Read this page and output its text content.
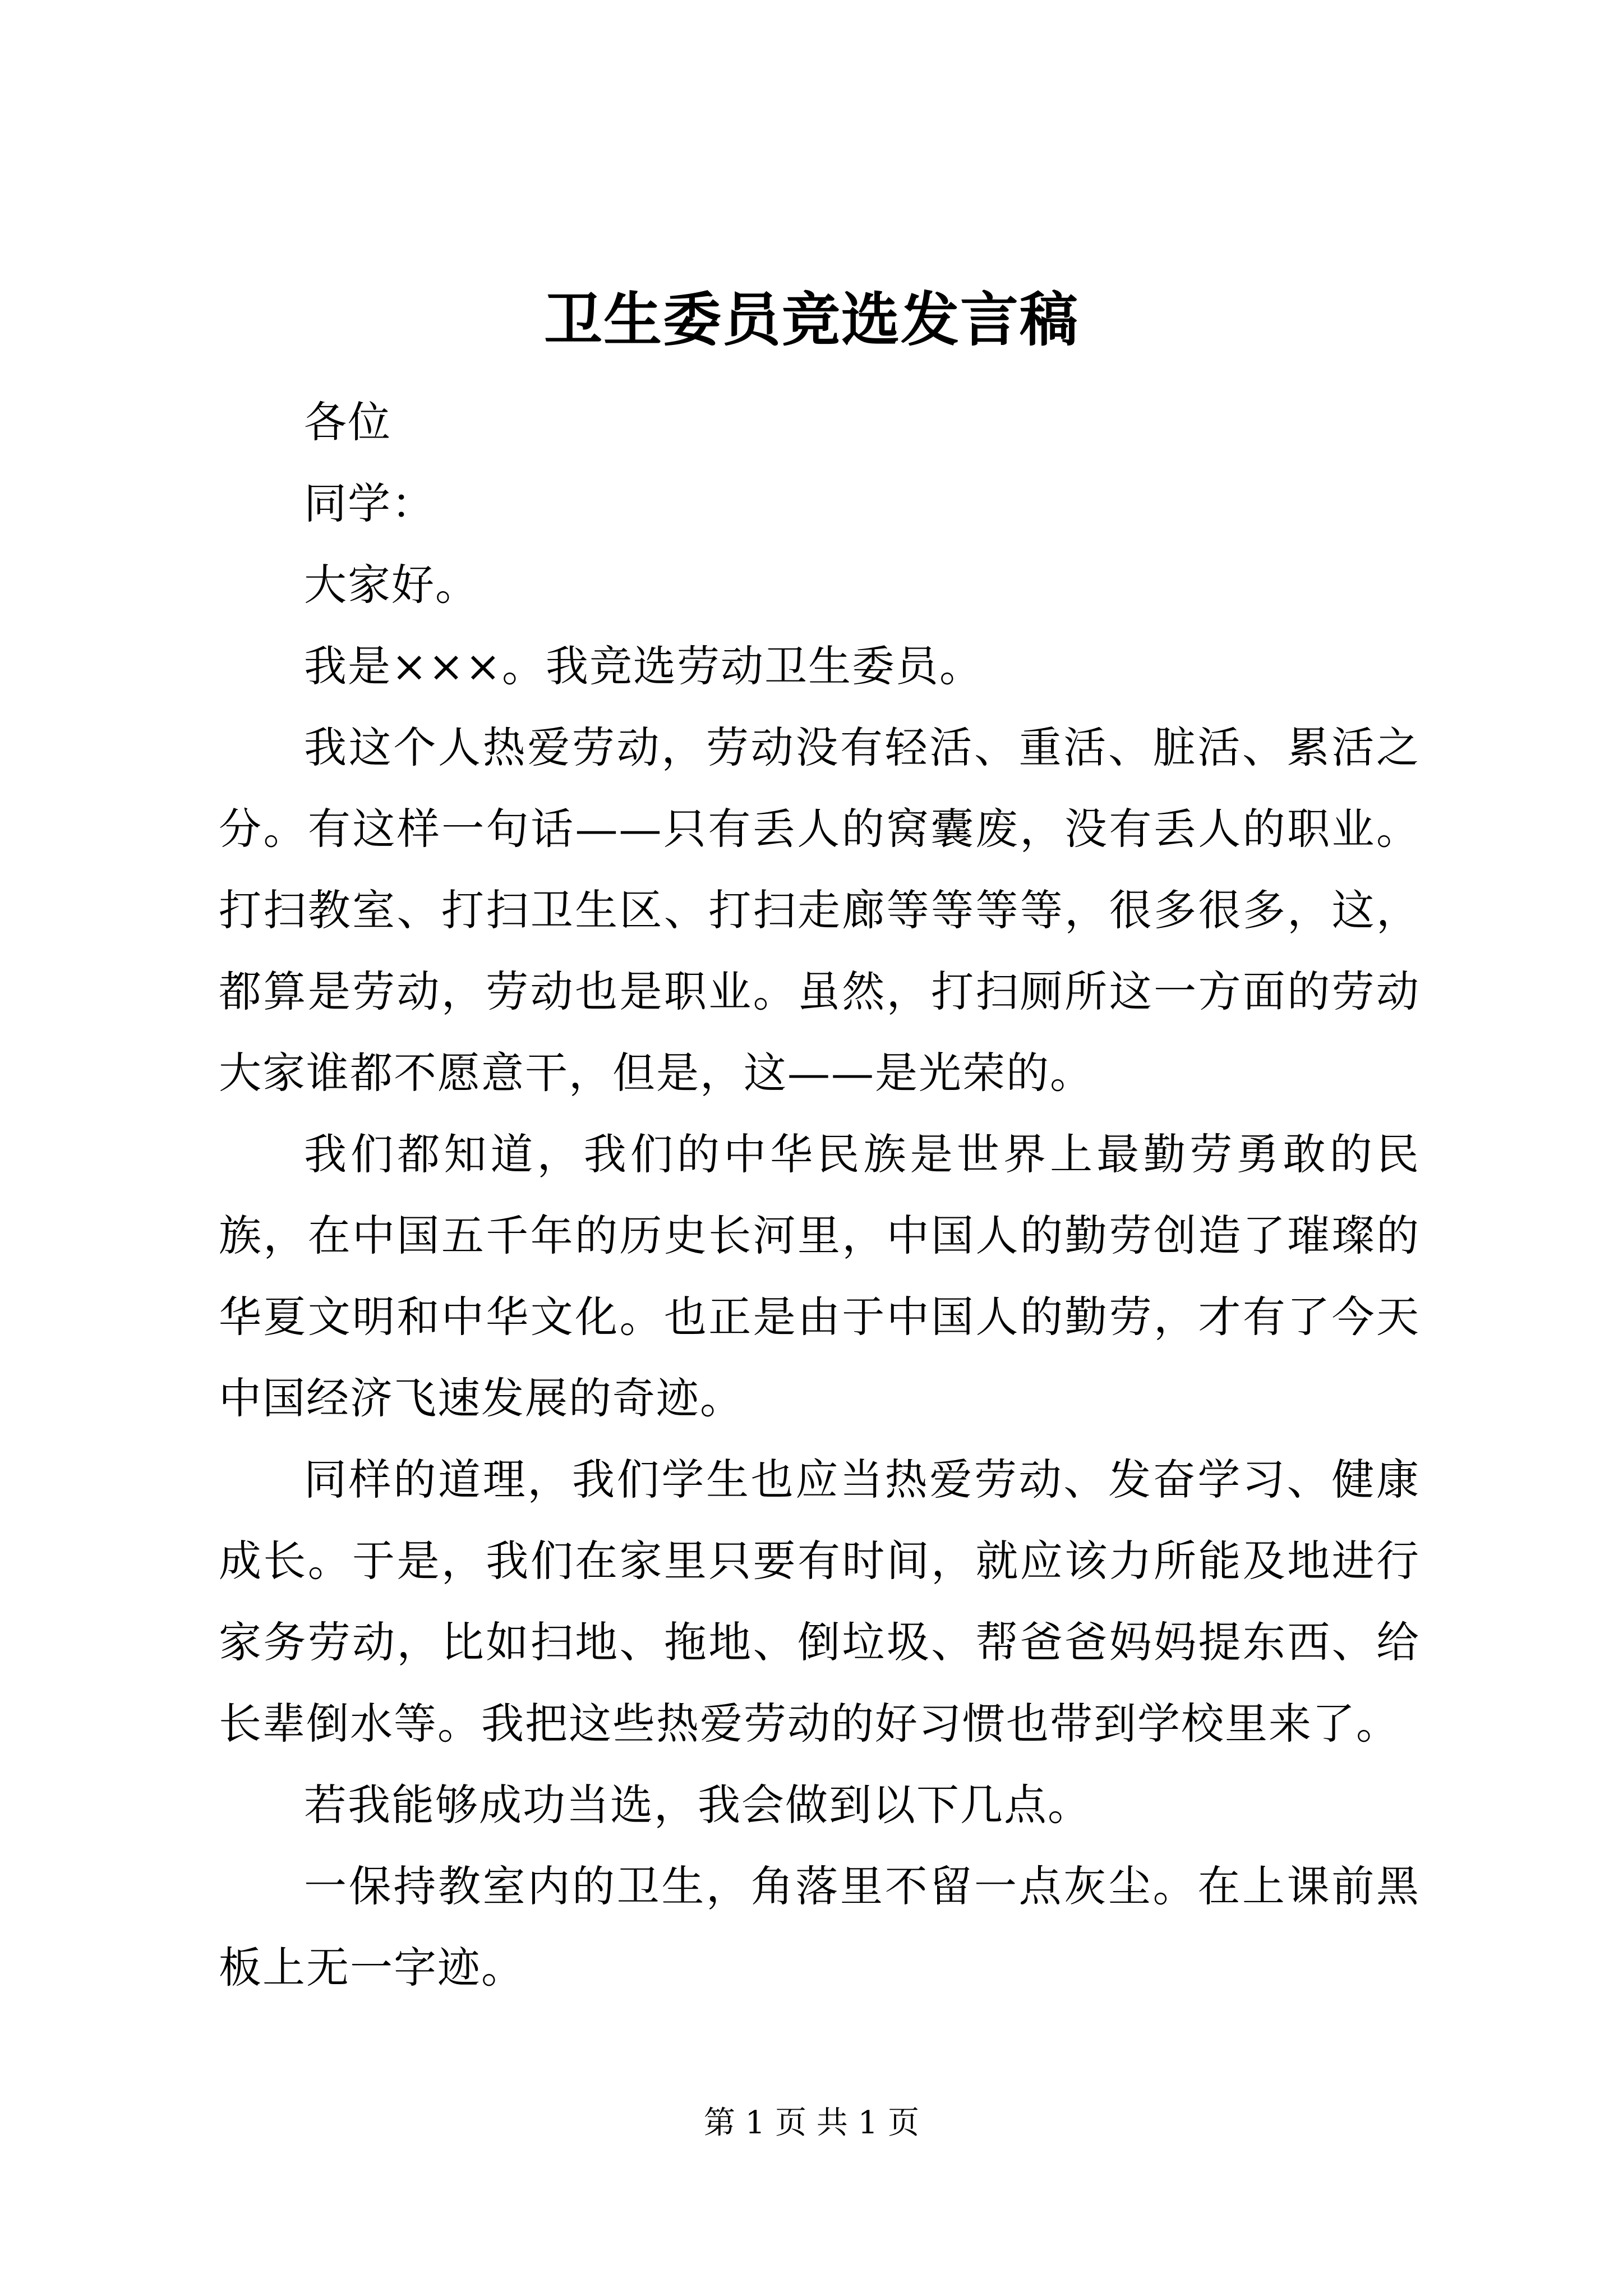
卫生委员竞选发言稿

各位

同学：

大家好。

我是×××。我竞选劳动卫生委员。

我这个人热爱劳动，劳动没有轻活、重活、脏活、累活之分。有这样一句话——只有丢人的窝囊废，没有丢人的职业。打扫教室、打扫卫生区、打扫走廊等等等等，很多很多，这，都算是劳动，劳动也是职业。虽然，打扫厕所这一方面的劳动大家谁都不愿意干，但是，这——是光荣的。

我们都知道，我们的中华民族是世界上最勤劳勇敢的民族，在中国五千年的历史长河里，中国人的勤劳创造了璀璨的华夏文明和中华文化。也正是由于中国人的勤劳，才有了今天中国经济飞速发展的奇迹。

同样的道理，我们学生也应当热爱劳动、发奋学习、健康成长。于是，我们在家里只要有时间，就应该力所能及地进行家务劳动，比如扫地、拖地、倒垃圾、帮爸爸妈妈提东西、给长辈倒水等。我把这些热爱劳动的好习惯也带到学校里来了。

若我能够成功当选，我会做到以下几点。

一保持教室内的卫生，角落里不留一点灰尘。在上课前黑板上无一字迹。

第 1 页 共 1 页
